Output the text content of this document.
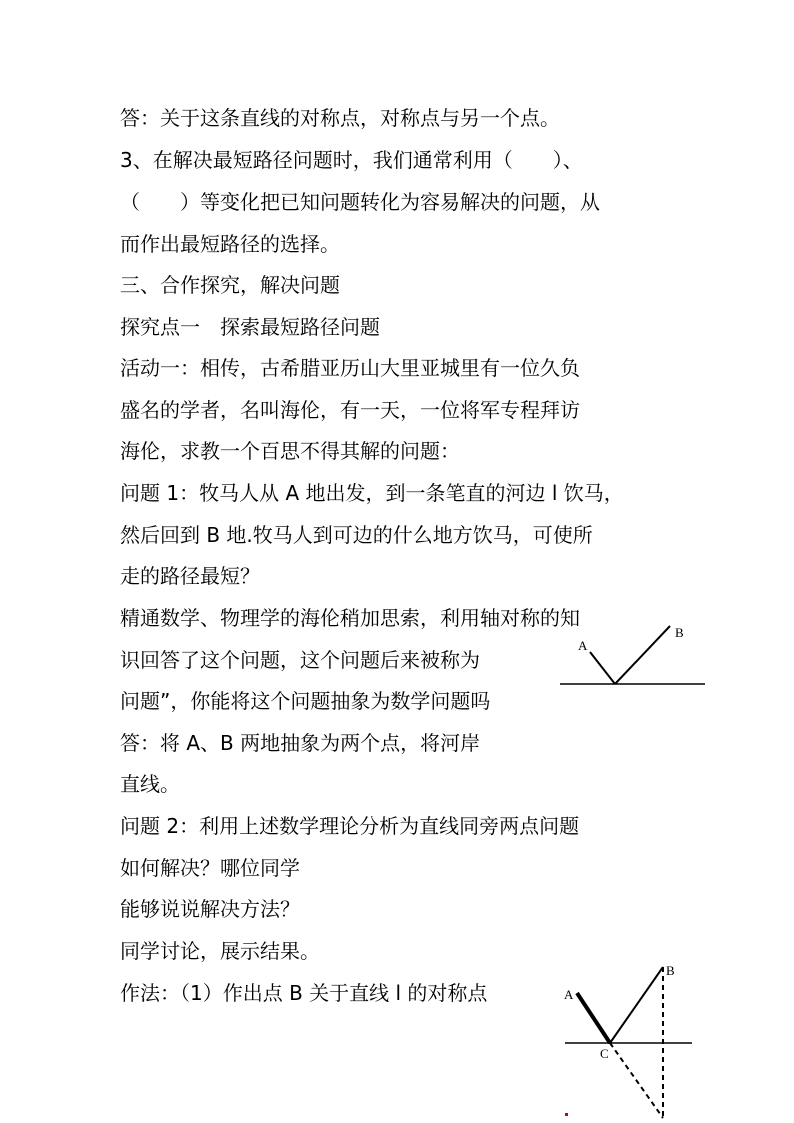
答：关于这条直线的对称点，对称点与另一个点。
3、在解决最短路径问题时，我们通常利用（　　）、
（　　）等变化把已知问题转化为容易解决的问题，从
而作出最短路径的选择。
三、合作探究，解决问题
探究点一　探索最短路径问题
活动一：相传，古希腊亚历山大里亚城里有一位久负
盛名的学者，名叫海伦，有一天，一位将军专程拜访
海伦，求教一个百思不得其解的问题：
问题 1：牧马人从 A 地出发，到一条笔直的河边 l 饮马，
然后回到 B 地.牧马人到可边的什么地方饮马，可使所
走的路径最短？
精通数学、物理学的海伦稍加思索，利用轴对称的知
识回答了这个问题，这个问题后来被称为
问题”，你能将这个问题抽象为数学问题吗
答：将 A、B 两地抽象为两个点，将河岸
直线。
问题 2：利用上述数学理论分析为直线同旁两点问题
如何解决？哪位同学
能够说说解决方法？
同学讨论，展示结果。
作法：（1）作出点 B 关于直线 l 的对称点
A
B
A
B
C
